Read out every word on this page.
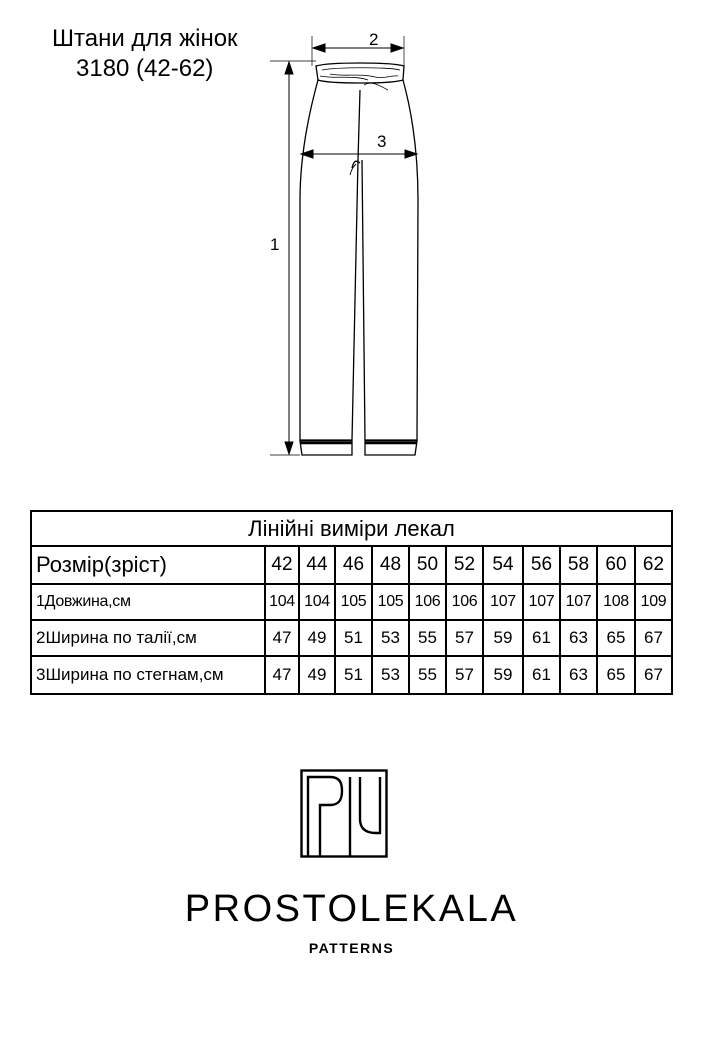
Штани для жінок
3180 (42-62)
1
2
3
Лінійні виміри лекал
Розмір(зріст)	42 44 46 48 50 52 54 56 58 60 62
1Довжина,см	104 104 105 105 106 106 107 107 107 108 109
2Ширина по талії,см	47 49	51	53	55	57	59	61	63	65	67
3Ширина по стегнам,см	47 49	51	53	55	57	59	61	63	65	67
PROSTOLEKALA
PATTERNS
